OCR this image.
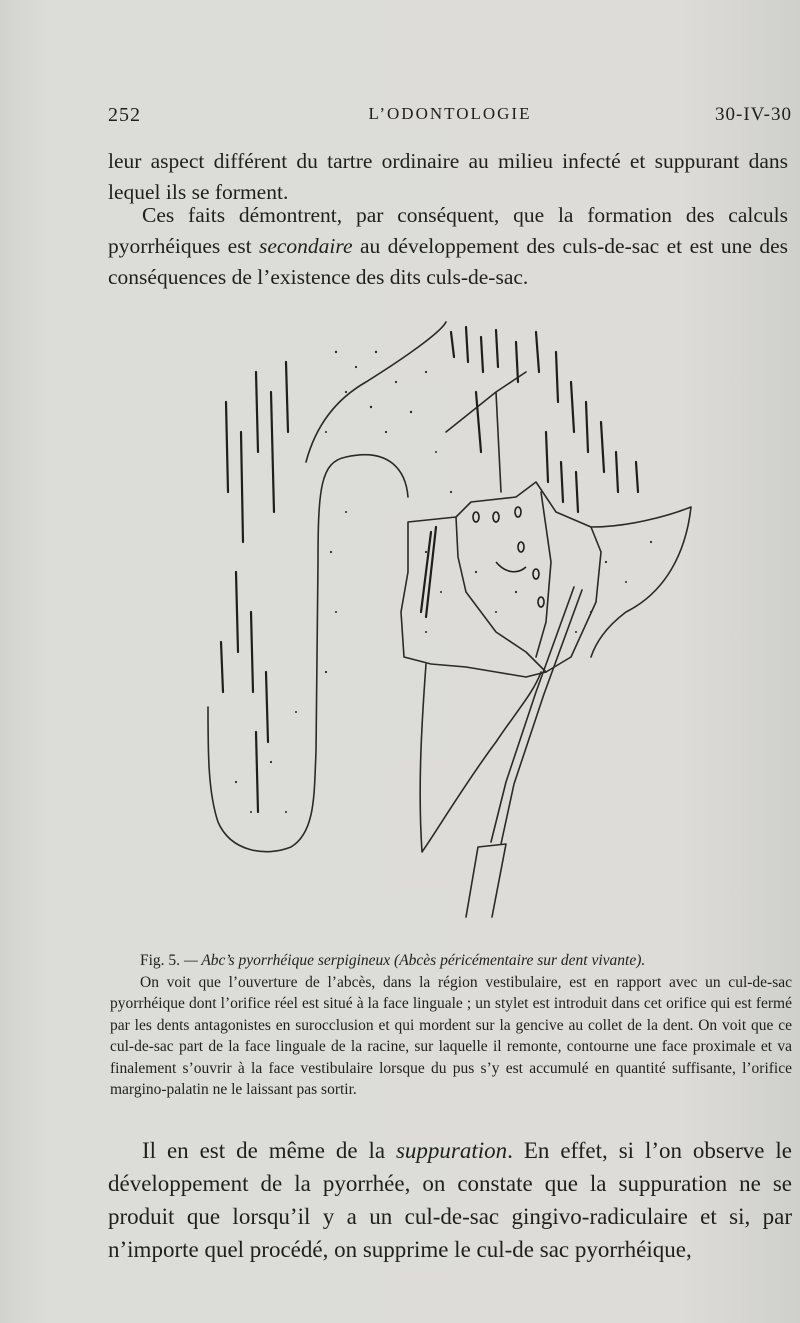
252	L’ODONTOLOGIE	30-IV-30

leur aspect différent du tartre ordinaire au milieu infecté et suppurant dans lequel ils se forment.

Ces faits démontrent, par conséquent, que la formation des calculs pyorrhéiques est secondaire au développement des culs-de-sac et est une des conséquences de l’existence des dits culs-de-sac.

Fig. 5. — Abc’s pyorrhéique serpigineux (Abcès péricémentaire sur dent vivante).

On voit que l’ouverture de l’abcès, dans la région vestibulaire, est en rapport avec un cul-de-sac pyorrhéique dont l’orifice réel est situé à la face linguale ; un stylet est introduit dans cet orifice qui est fermé par les dents antagonistes en surocclusion et qui mordent sur la gencive au collet de la dent. On voit que ce cul-de-sac part de la face linguale de la racine, sur laquelle il remonte, contourne une face proximale et va finalement s’ouvrir à la face vestibulaire lorsque du pus s’y est accumulé en quantité suffisante, l’orifice margino-palatin ne le laissant pas sortir.

Il en est de même de la suppuration. En effet, si l’on observe le développement de la pyorrhée, on constate que la suppuration ne se produit que lorsqu’il y a un cul-de-sac gingivo-radiculaire et si, par n’importe quel procédé, on supprime le cul-de sac pyorrhéique,
